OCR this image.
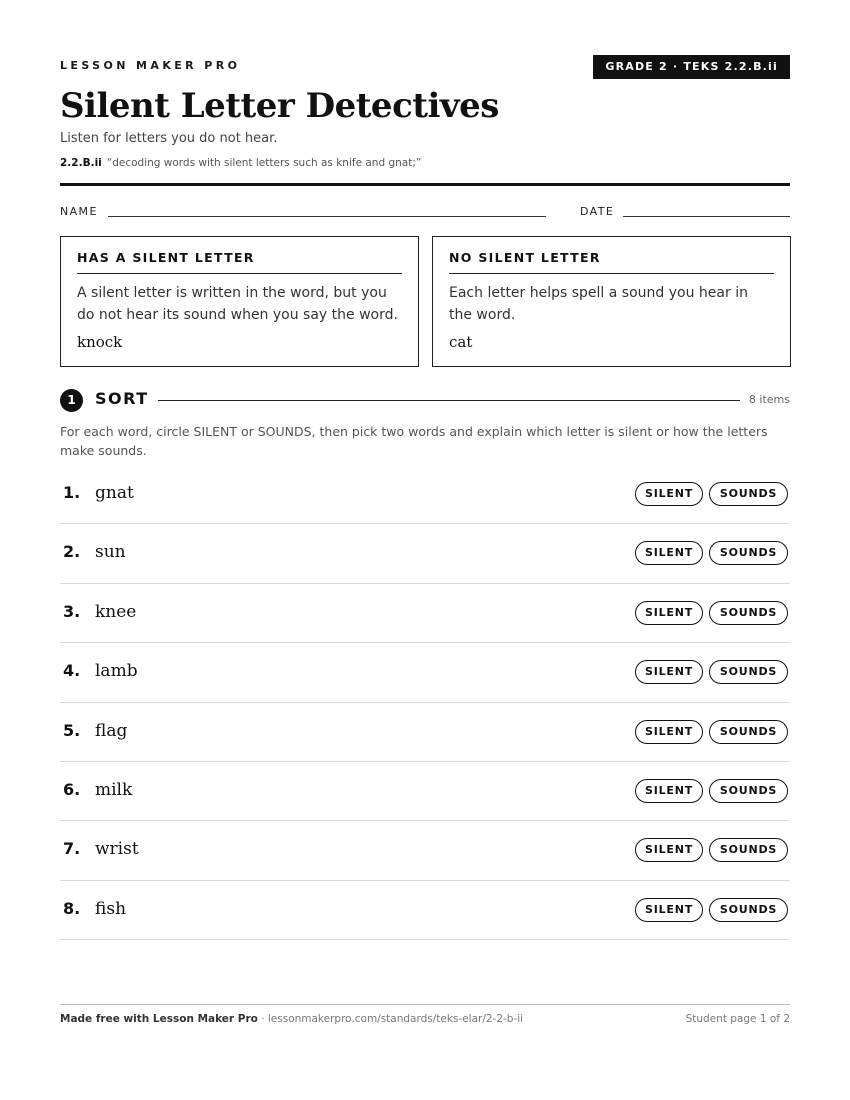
LESSON MAKER PRO	GRADE 2 · TEKS 2.2.B.ii
Silent Letter Detectives
Listen for letters you do not hear.
2.2.B.ii “decoding words with silent letters such as knife and gnat;”
NAME	DATE
HAS A SILENT LETTER

A silent letter is written in the word, but you do not hear its sound when you say the word.

knock
NO SILENT LETTER

Each letter helps spell a sound you hear in the word.

cat
1	SORT	8 items
For each word, circle SILENT or SOUNDS, then pick two words and explain which letter is silent or how the letters make sounds.
1. gnat	SILENT	SOUNDS
2. sun	SILENT	SOUNDS
3. knee	SILENT	SOUNDS
4. lamb	SILENT	SOUNDS
5. flag	SILENT	SOUNDS
6. milk	SILENT	SOUNDS
7. wrist	SILENT	SOUNDS
8. fish	SILENT	SOUNDS
Made free with Lesson Maker Pro · lessonmakerpro.com/standards/teks-elar/2-2-b-ii	Student page 1 of 2
